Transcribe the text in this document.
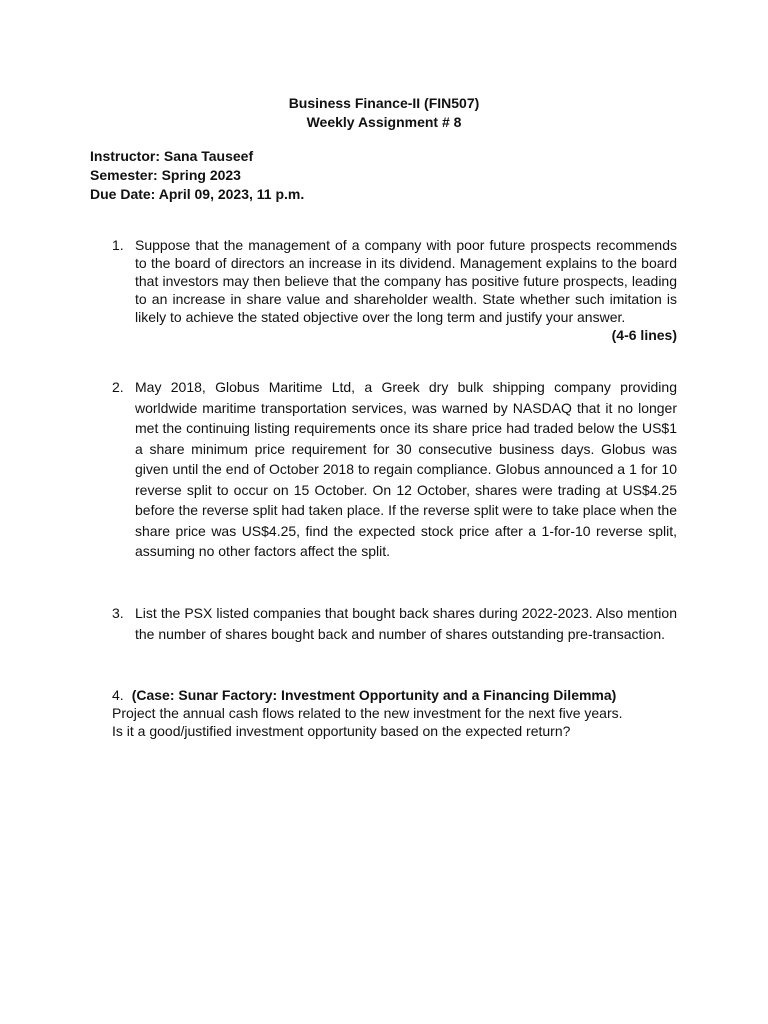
Business Finance-II (FIN507)
Weekly Assignment # 8
Instructor: Sana Tauseef
Semester: Spring 2023
Due Date: April 09, 2023, 11 p.m.
1. Suppose that the management of a company with poor future prospects recommends to the board of directors an increase in its dividend. Management explains to the board that investors may then believe that the company has positive future prospects, leading to an increase in share value and shareholder wealth. State whether such imitation is likely to achieve the stated objective over the long term and justify your answer.
(4-6 lines)
2. May 2018, Globus Maritime Ltd, a Greek dry bulk shipping company providing worldwide maritime transportation services, was warned by NASDAQ that it no longer met the continuing listing requirements once its share price had traded below the US$1 a share minimum price requirement for 30 consecutive business days. Globus was given until the end of October 2018 to regain compliance. Globus announced a 1 for 10 reverse split to occur on 15 October. On 12 October, shares were trading at US$4.25 before the reverse split had taken place. If the reverse split were to take place when the share price was US$4.25, find the expected stock price after a 1-for-10 reverse split, assuming no other factors affect the split.
3. List the PSX listed companies that bought back shares during 2022-2023. Also mention the number of shares bought back and number of shares outstanding pre-transaction.
4. (Case: Sunar Factory: Investment Opportunity and a Financing Dilemma)
Project the annual cash flows related to the new investment for the next five years.
Is it a good/justified investment opportunity based on the expected return?
